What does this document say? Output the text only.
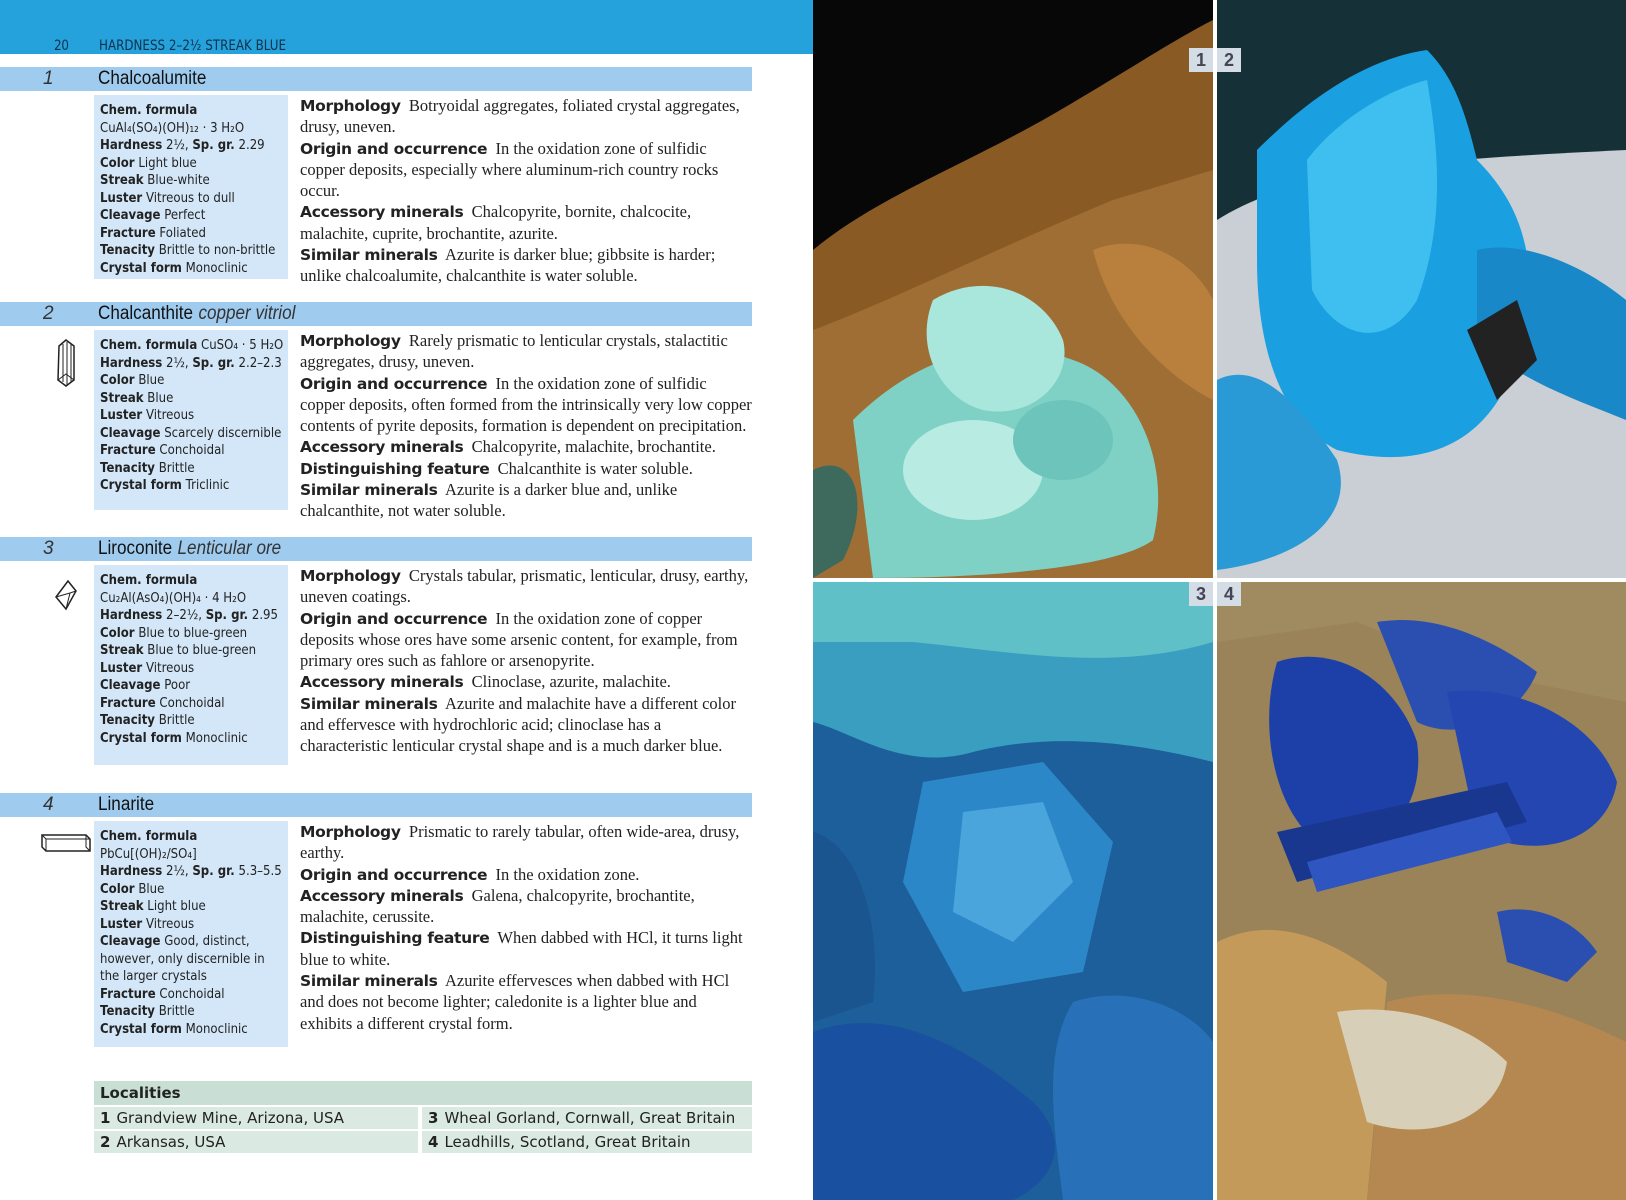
20 HARDNESS 2–2½ STREAK BLUE
1 Chalcoalumite
Chem. formula
CuAl₄(SO₄)(OH)₁₂ · 3 H₂O
Hardness 2½, Sp. gr. 2.29
Color Light blue
Streak Blue-white
Luster Vitreous to dull
Cleavage Perfect
Fracture Foliated
Tenacity Brittle to non-brittle
Crystal form Monoclinic

Morphology Botryoidal aggregates, foliated crystal aggregates, drusy, uneven.

Origin and occurrence In the oxidation zone of sulfidic copper deposits, especially where aluminum-rich country rocks occur.

Accessory minerals Chalcopyrite, bornite, chalcocite, malachite, cuprite, brochantite, azurite.

Similar minerals Azurite is darker blue; gibbsite is harder; unlike chalcoalumite, chalcanthite is water soluble.

2 Chalcanthite copper vitriol
Chem. formula CuSO₄ · 5 H₂O
Hardness 2½, Sp. gr. 2.2–2.3
Color Blue
Streak Blue
Luster Vitreous
Cleavage Scarcely discernible
Fracture Conchoidal
Tenacity Brittle
Crystal form Triclinic

Morphology Rarely prismatic to lenticular crystals, stalactitic aggregates, drusy, uneven.

Origin and occurrence In the oxidation zone of sulfidic copper deposits, often formed from the intrinsically very low copper contents of pyrite deposits, formation is dependent on precipitation.

Accessory minerals Chalcopyrite, malachite, brochantite.

Distinguishing feature Chalcanthite is water soluble.

Similar minerals Azurite is a darker blue and, unlike chalcanthite, not water soluble.

3 Liroconite Lenticular ore
Chem. formula
Cu₂Al(AsO₄)(OH)₄ · 4 H₂O
Hardness 2–2½, Sp. gr. 2.95
Color Blue to blue-green
Streak Blue to blue-green
Luster Vitreous
Cleavage Poor
Fracture Conchoidal
Tenacity Brittle
Crystal form Monoclinic

Morphology Crystals tabular, prismatic, lenticular, drusy, earthy, uneven coatings.

Origin and occurrence In the oxidation zone of copper deposits whose ores have some arsenic content, for example, from primary ores such as fahlore or arsenopyrite.

Accessory minerals Clinoclase, azurite, malachite.

Similar minerals Azurite and malachite have a different color and effervesce with hydrochloric acid; clinoclase has a characteristic lenticular crystal shape and is a much darker blue.

4 Linarite
Chem. formula
PbCu[(OH)₂/SO₄]
Hardness 2½, Sp. gr. 5.3–5.5
Color Blue
Streak Light blue
Luster Vitreous
Cleavage Good, distinct, however, only discernible in the larger crystals
Fracture Conchoidal
Tenacity Brittle
Crystal form Monoclinic

Morphology Prismatic to rarely tabular, often wide-area, drusy, earthy.

Origin and occurrence In the oxidation zone.

Accessory minerals Galena, chalcopyrite, brochantite, malachite, cerussite.

Distinguishing feature When dabbed with HCl, it turns light blue to white.

Similar minerals Azurite effervesces when dabbed with HCl and does not become lighter; caledonite is a lighter blue and exhibits a different crystal form.

Localities
1 Grandview Mine, Arizona, USA	3 Wheal Gorland, Cornwall, Great Britain
2 Arkansas, USA	4 Leadhills, Scotland, Great Britain
1 2
3 4
